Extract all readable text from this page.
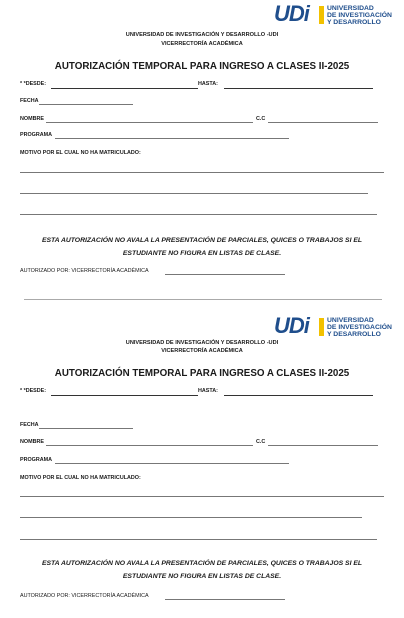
UDi	UNIVERSIDAD
DE INVESTIGACIÓN
Y DESARROLLO
UNIVERSIDAD DE INVESTIGACIÓN Y DESARROLLO -UDI
VICERRECTORÍA ACADÉMICA
AUTORIZACIÓN TEMPORAL PARA INGRESO A CLASES II-2025
* *DESDE:	HASTA:
FECHA
NOMBRE	C.C
PROGRAMA
MOTIVO POR EL CUAL NO HA MATRICULADO:
ESTA AUTORIZACIÓN NO AVALA LA PRESENTACIÓN DE PARCIALES, QUICES O TRABAJOS SI EL
ESTUDIANTE NO FIGURA EN LISTAS DE CLASE.
AUTORIZADO POR: VICERRECTORÍA ACADÉMICA
UDi	UNIVERSIDAD
DE INVESTIGACIÓN
Y DESARROLLO
UNIVERSIDAD DE INVESTIGACIÓN Y DESARROLLO -UDI
VICERRECTORÍA ACADÉMICA
AUTORIZACIÓN TEMPORAL PARA INGRESO A CLASES II-2025
* *DESDE:	HASTA:
FECHA
NOMBRE	C.C
PROGRAMA
MOTIVO POR EL CUAL NO HA MATRICULADO:
ESTA AUTORIZACIÓN NO AVALA LA PRESENTACIÓN DE PARCIALES, QUICES O TRABAJOS SI EL
ESTUDIANTE NO FIGURA EN LISTAS DE CLASE.
AUTORIZADO POR: VICERRECTORÍA ACADÉMICA
